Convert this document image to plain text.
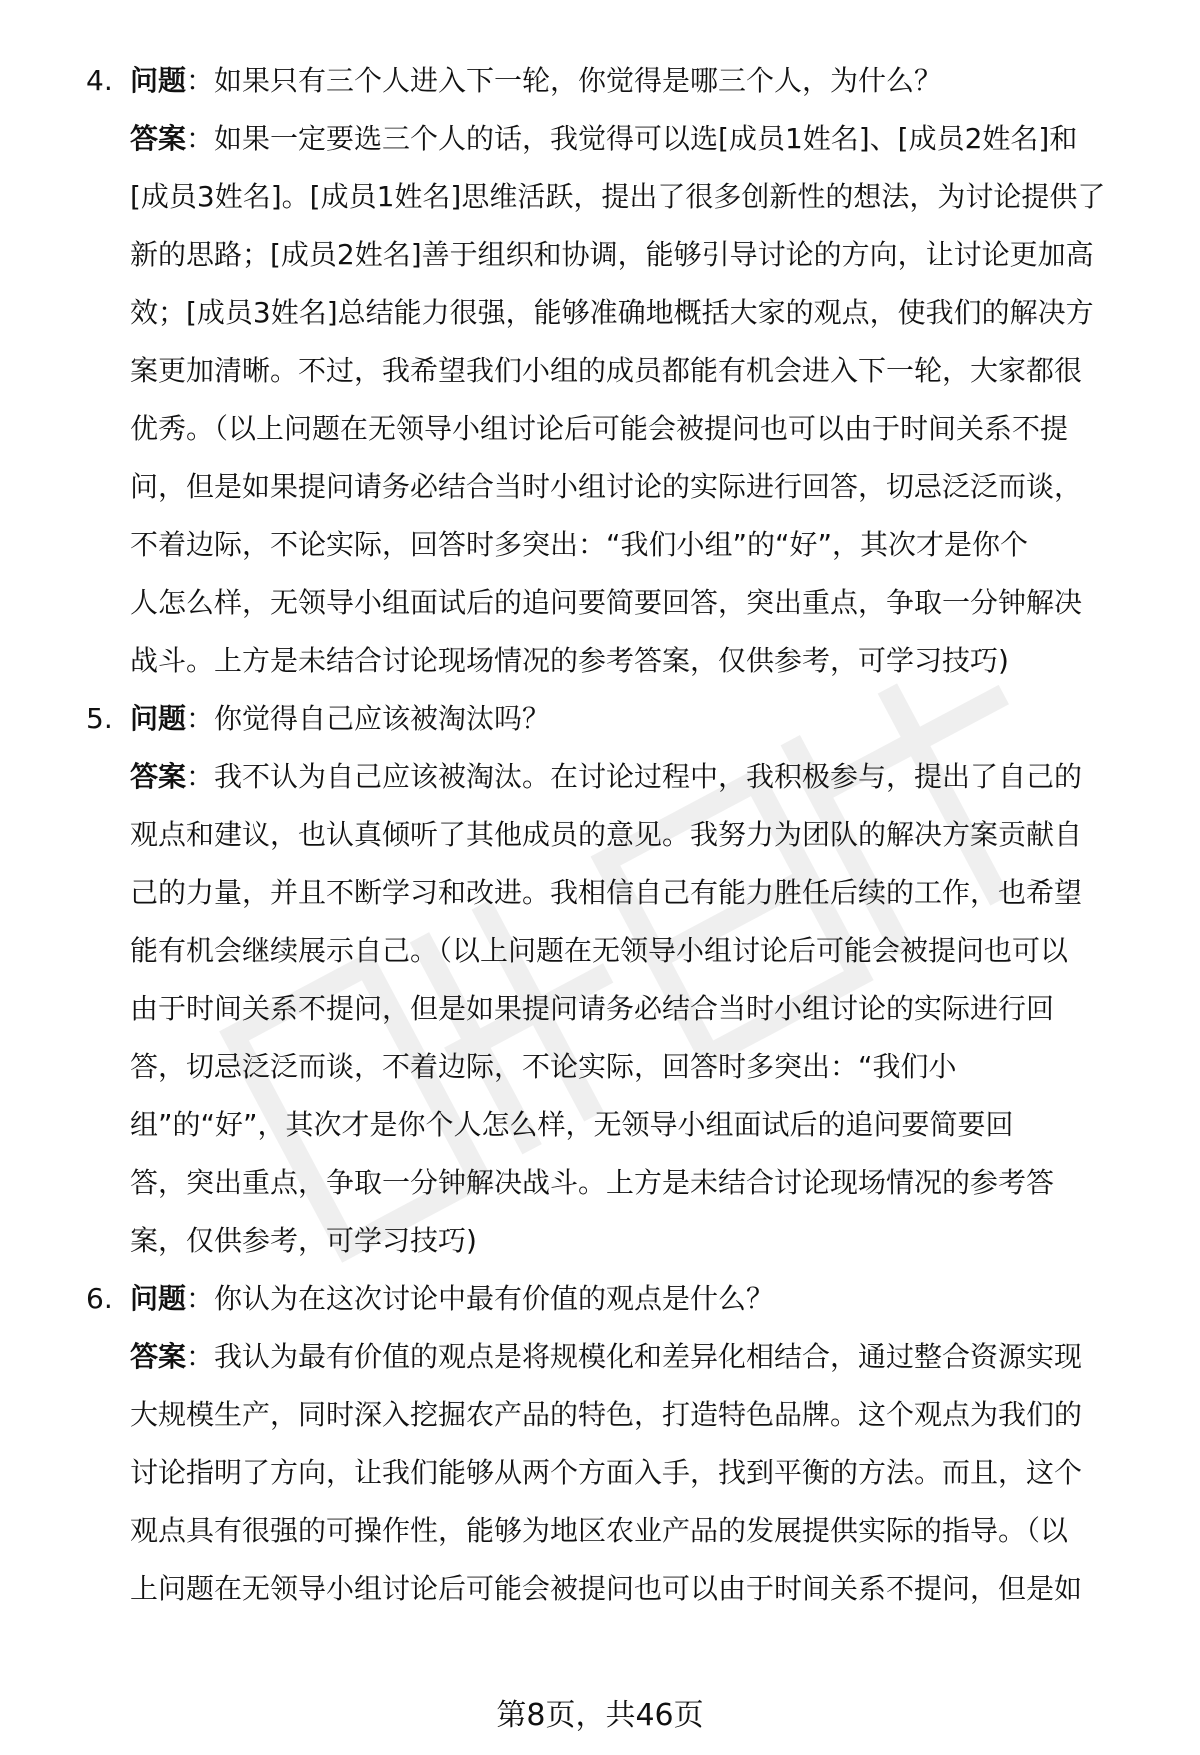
4. 问题：如果只有三个人进入下一轮，你觉得是哪三个人，为什么？
答案：如果一定要选三个人的话，我觉得可以选[成员1姓名]、[成员2姓名]和
[成员3姓名]。[成员1姓名]思维活跃，提出了很多创新性的想法，为讨论提供了
新的思路；[成员2姓名]善于组织和协调，能够引导讨论的方向，让讨论更加高
效；[成员3姓名]总结能力很强，能够准确地概括大家的观点，使我们的解决方
案更加清晰。不过，我希望我们小组的成员都能有机会进入下一轮，大家都很
优秀。（以上问题在无领导小组讨论后可能会被提问也可以由于时间关系不提
问，但是如果提问请务必结合当时小组讨论的实际进行回答，切忌泛泛而谈，
不着边际，不论实际，回答时多突出：“我们小组”的“好”，其次才是你个
人怎么样，无领导小组面试后的追问要简要回答，突出重点，争取一分钟解决
战斗。上方是未结合讨论现场情况的参考答案，仅供参考，可学习技巧)
5. 问题：你觉得自己应该被淘汰吗？
答案：我不认为自己应该被淘汰。在讨论过程中，我积极参与，提出了自己的
观点和建议，也认真倾听了其他成员的意见。我努力为团队的解决方案贡献自
己的力量，并且不断学习和改进。我相信自己有能力胜任后续的工作，也希望
能有机会继续展示自己。（以上问题在无领导小组讨论后可能会被提问也可以
由于时间关系不提问，但是如果提问请务必结合当时小组讨论的实际进行回
答，切忌泛泛而谈，不着边际，不论实际，回答时多突出：“我们小
组”的“好”，其次才是你个人怎么样，无领导小组面试后的追问要简要回
答，突出重点，争取一分钟解决战斗。上方是未结合讨论现场情况的参考答
案，仅供参考，可学习技巧)
6. 问题：你认为在这次讨论中最有价值的观点是什么？
答案：我认为最有价值的观点是将规模化和差异化相结合，通过整合资源实现
大规模生产，同时深入挖掘农产品的特色，打造特色品牌。这个观点为我们的
讨论指明了方向，让我们能够从两个方面入手，找到平衡的方法。而且，这个
观点具有很强的可操作性，能够为地区农业产品的发展提供实际的指导。（以
上问题在无领导小组讨论后可能会被提问也可以由于时间关系不提问，但是如
第8页，共46页
